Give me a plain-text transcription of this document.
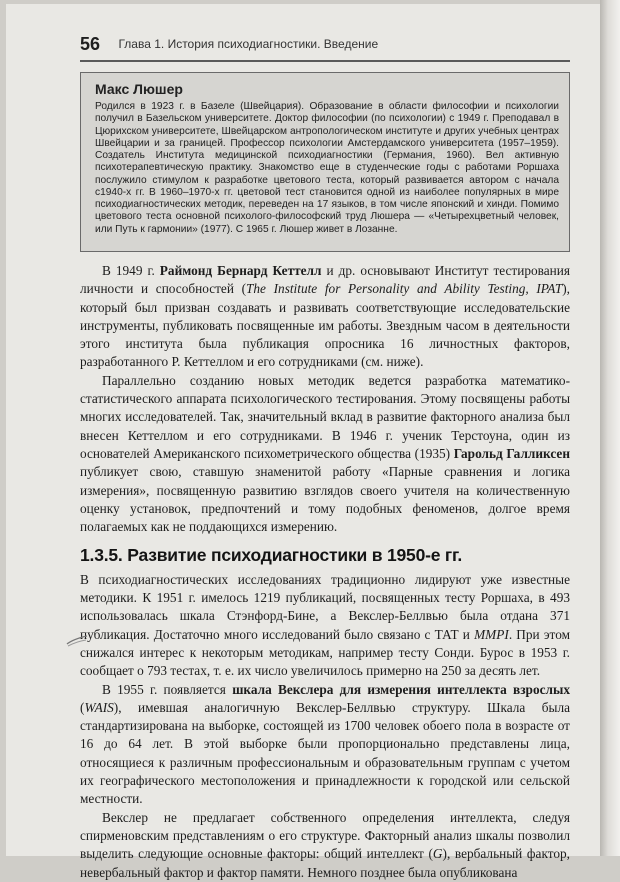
56 Глава 1. История психодиагностики. Введение

Макс Люшер

Родился в 1923 г. в Базеле (Швейцария). Образование в области философии и психологии получил в Базельском университете. Доктор философии (по психологии) с 1949 г. Преподавал в Цюрихском университете, Швейцарском антропологическом институте и других учебных центрах Швейцарии и за границей. Профессор психологии Амстердамского университета (1957–1959). Создатель Института медицинской психодиагностики (Германия, 1960). Вел активную психотерапевтическую практику. Знакомство еще в студенческие годы с работами Роршаха послужило стимулом к разработке цветового теста, который развивается автором с начала с1940-х гг. В 1960–1970-х гг. цветовой тест становится одной из наиболее популярных в мире психодиагностических методик, переведен на 17 языков, в том числе японский и хинди. Помимо цветового теста основной психолого-философский труд Люшера — «Четырехцветный человек, или Путь к гармонии» (1977). С 1965 г. Люшер живет в Лозанне.

В 1949 г. Раймонд Бернард Кеттелл и др. основывают Институт тестирования личности и способностей (The Institute for Personality and Ability Testing, IPAT), который был призван создавать и развивать соответствующие исследовательские инструменты, публиковать посвященные им работы. Звездным часом в деятельности этого института была публикация опросника 16 личностных факторов, разработанного Р. Кеттеллом и его сотрудниками (см. ниже).

Параллельно созданию новых методик ведется разработка математико-статистического аппарата психологического тестирования. Этому посвящены работы многих исследователей. Так, значительный вклад в развитие факторного анализа был внесен Кеттеллом и его сотрудниками. В 1946 г. ученик Терстоуна, один из основателей Американского психометрического общества (1935) Гарольд Галликсен публикует свою, ставшую знаменитой работу «Парные сравнения и логика измерения», посвященную развитию взглядов своего учителя на количественную оценку установок, предпочтений и тому подобных феноменов, долгое время полагаемых как не поддающихся измерению.

1.3.5. Развитие психодиагностики в 1950-е гг.

В психодиагностических исследованиях традиционно лидируют уже известные методики. К 1951 г. имелось 1219 публикаций, посвященных тесту Роршаха, в 493 использовалась шкала Стэнфорд-Бине, а Векслер-Беллвью была отдана 371 публикация. Достаточно много исследований было связано с ТАТ и MMPI. При этом снижался интерес к некоторым методикам, например тесту Сонди. Бурос в 1953 г. сообщает о 793 тестах, т. е. их число увеличилось примерно на 250 за десять лет.

В 1955 г. появляется шкала Векслера для измерения интеллекта взрослых (WAIS), имевшая аналогичную Векслер-Беллвью структуру. Шкала была стандартизирована на выборке, состоящей из 1700 человек обоего пола в возрасте от 16 до 64 лет. В этой выборке были пропорционально представлены лица, относящиеся к различным профессиональным и образовательным группам с учетом их географического местоположения и принадлежности к городской или сельской местности.

Векслер не предлагает собственного определения интеллекта, следуя спирменовским представлениям о его структуре. Факторный анализ шкалы позволил выделить следующие основные факторы: общий интеллект (G), вербальный фактор, невербальный фактор и фактор памяти. Немного позднее была опубликована
